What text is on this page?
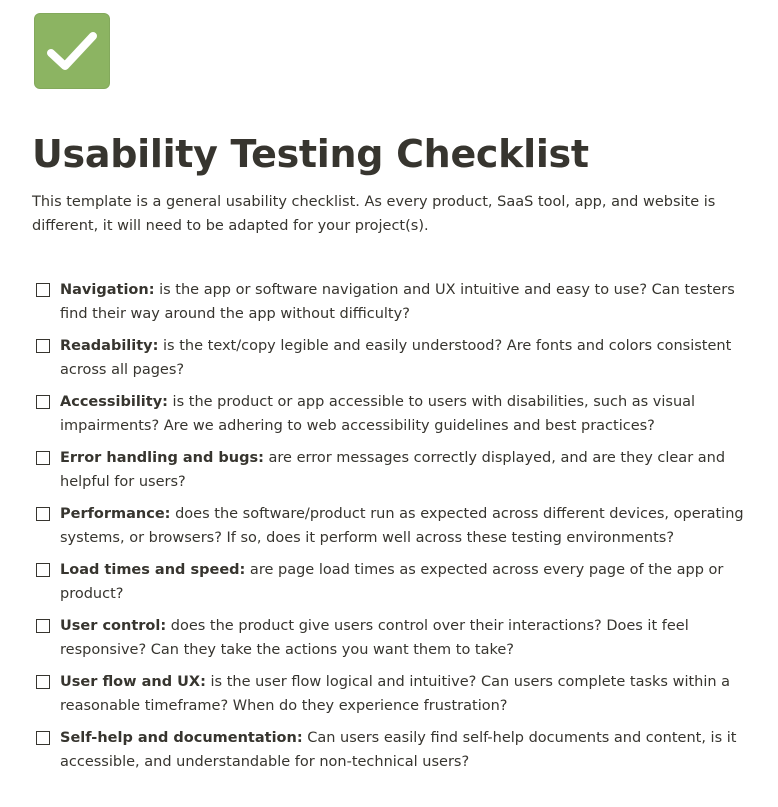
Usability Testing Checklist

This template is a general usability checklist. As every product, SaaS tool, app, and website is different, it will need to be adapted for your project(s).

Navigation: is the app or software navigation and UX intuitive and easy to use? Can testers find their way around the app without difficulty?
Readability: is the text/copy legible and easily understood? Are fonts and colors consistent across all pages?
Accessibility: is the product or app accessible to users with disabilities, such as visual impairments? Are we adhering to web accessibility guidelines and best practices?
Error handling and bugs: are error messages correctly displayed, and are they clear and helpful for users?
Performance: does the software/product run as expected across different devices, operating systems, or browsers? If so, does it perform well across these testing environments?
Load times and speed: are page load times as expected across every page of the app or product?
User control: does the product give users control over their interactions? Does it feel responsive? Can they take the actions you want them to take?
User flow and UX: is the user flow logical and intuitive? Can users complete tasks within a reasonable timeframe? When do they experience frustration?
Self-help and documentation: Can users easily find self-help documents and content, is it accessible, and understandable for non-technical users?
